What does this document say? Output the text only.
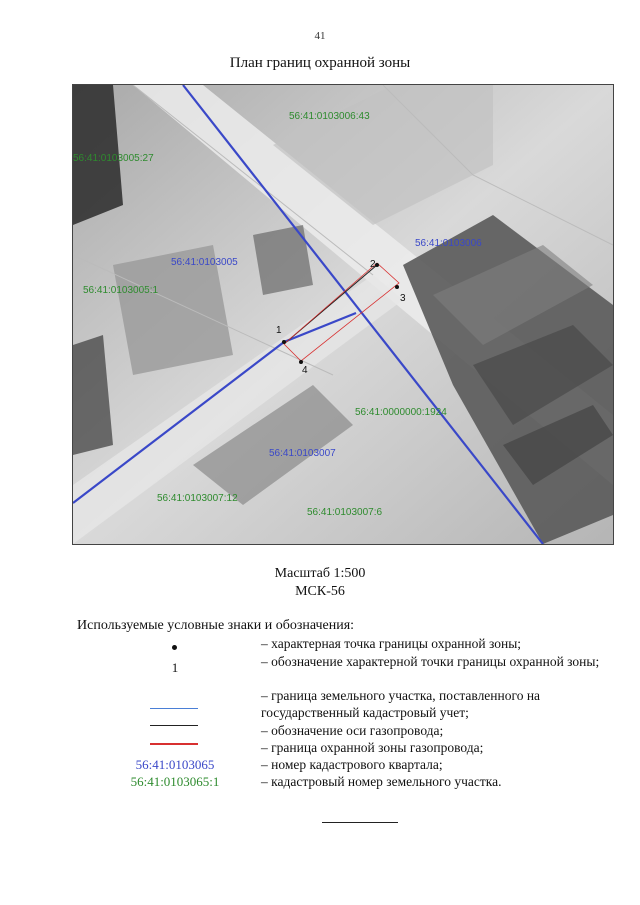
41
План границ охранной зоны
1
2
3
4
56:41:0103006:43
56:41:0103005:27
56:41:0103006
56:41:0103005
56:41:0103005:1
56:41:0000000:1924
56:41:0103007
56:41:0103007:12
56:41:0103007:6
Масштаб 1:500
МСК-56
Используемые условные знаки и обозначения:
1
56:41:0103065
56:41:0103065:1
– характерная точка границы охранной зоны;
– обозначение характерной точки границы охранной зоны;
– граница земельного участка, поставленного на государственный кадастровый учет;
– обозначение оси газопровода;
– граница охранной зоны газопровода;
– номер кадастрового квартала;
– кадастровый номер земельного участка.
